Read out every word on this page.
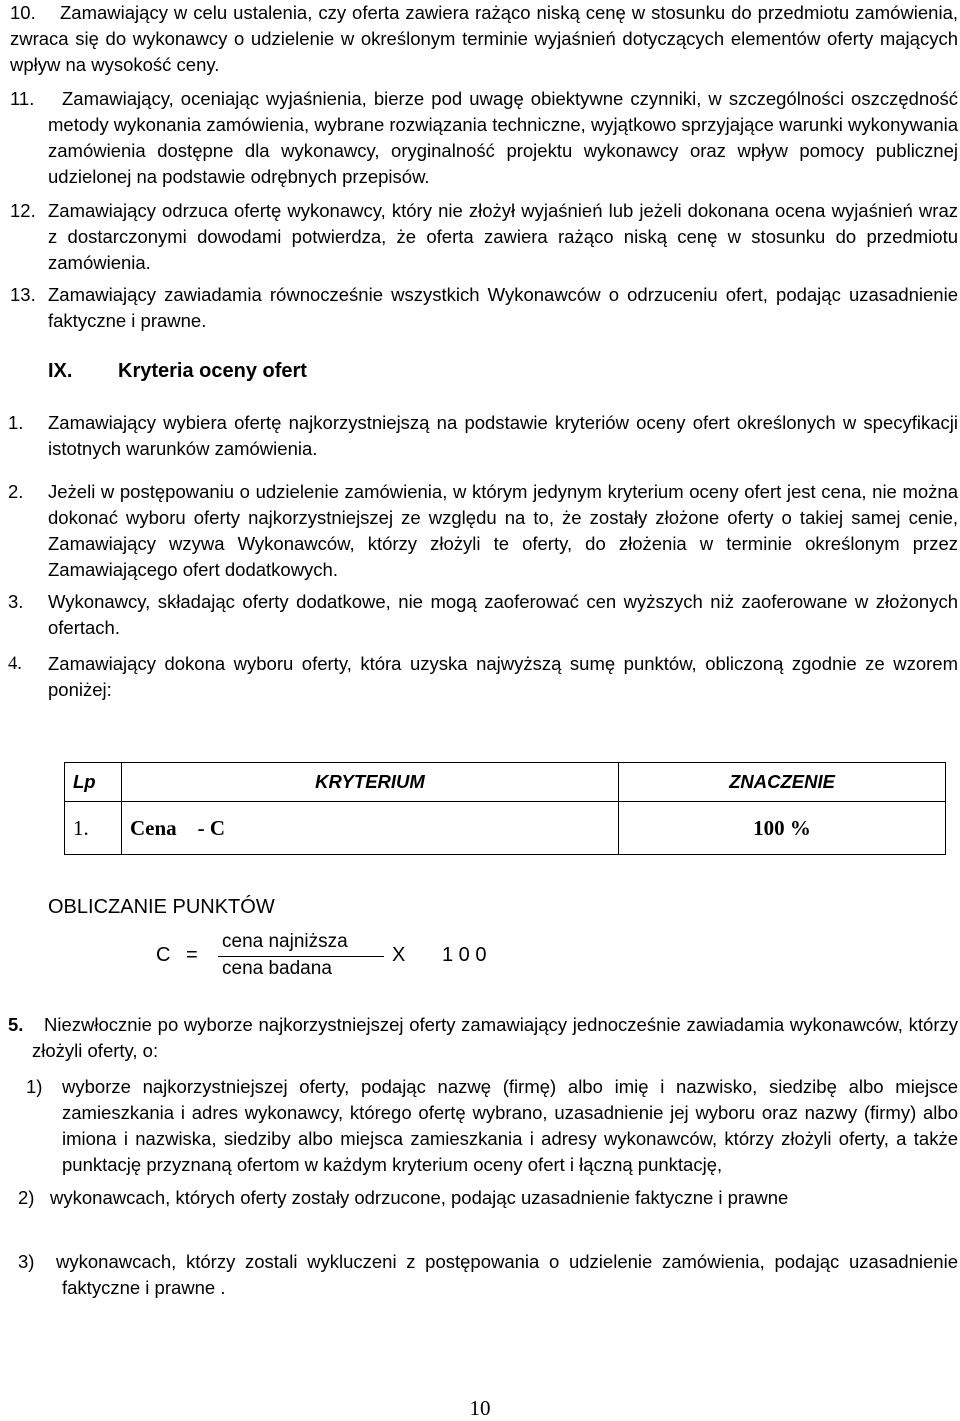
10.	Zamawiający w celu ustalenia, czy oferta zawiera rażąco niską cenę w stosunku do przedmiotu zamówienia, zwraca się do wykonawcy o udzielenie w określonym terminie wyjaśnień dotyczących elementów oferty mających wpływ na wysokość ceny.
11.	Zamawiający, oceniając wyjaśnienia, bierze pod uwagę obiektywne czynniki, w szczególności oszczędność metody wykonania zamówienia, wybrane rozwiązania techniczne, wyjątkowo sprzyjające warunki wykonywania zamówienia dostępne dla wykonawcy, oryginalność projektu wykonawcy oraz wpływ pomocy publicznej udzielonej na podstawie odrębnych przepisów.
12. Zamawiający odrzuca ofertę wykonawcy, który nie złożył wyjaśnień lub jeżeli dokonana ocena wyjaśnień wraz z dostarczonymi dowodami potwierdza, że oferta zawiera rażąco niską cenę w stosunku do przedmiotu zamówienia.
13. Zamawiający zawiadamia równocześnie wszystkich Wykonawców o odrzuceniu ofert, podając uzasadnienie faktyczne i prawne.
IX. Kryteria oceny ofert
1. Zamawiający wybiera ofertę najkorzystniejszą na podstawie kryteriów oceny ofert określonych w specyfikacji istotnych warunków zamówienia.
2. Jeżeli w postępowaniu o udzielenie zamówienia, w którym jedynym kryterium oceny ofert jest cena, nie można dokonać wyboru oferty najkorzystniejszej ze względu na to, że zostały złożone oferty o takiej samej cenie, Zamawiający wzywa Wykonawców, którzy złożyli te oferty, do złożenia w terminie określonym przez Zamawiającego ofert dodatkowych.
3. Wykonawcy, składając oferty dodatkowe, nie mogą zaoferować cen wyższych niż zaoferowane w złożonych ofertach.
4. Zamawiający dokona wyboru oferty, która uzyska najwyższą sumę punktów, obliczoną zgodnie ze wzorem poniżej:
Lp	KRYTERIUM	ZNACZENIE
1.	Cena    - C	100 %
OBLICZANIE PUNKTÓW
C =
cena najniższa
cena badana
X 1 0 0
5.	Niezwłocznie po wyborze najkorzystniejszej oferty zamawiający jednocześnie zawiadamia wykonawców, którzy złożyli oferty, o:
1) wyborze najkorzystniejszej oferty, podając nazwę (firmę) albo imię i nazwisko, siedzibę albo miejsce zamieszkania i adres wykonawcy, którego ofertę wybrano, uzasadnienie jej wyboru oraz nazwy (firmy) albo imiona i nazwiska, siedziby albo miejsca zamieszkania i adresy wykonawców, którzy złożyli oferty, a także punktację przyznaną ofertom w każdym kryterium oceny ofert i łączną punktację,
2) wykonawcach, których oferty zostały odrzucone, podając uzasadnienie faktyczne i prawne
3) wykonawcach, którzy zostali wykluczeni z postępowania o udzielenie zamówienia, podając uzasadnienie faktyczne i prawne .
10
